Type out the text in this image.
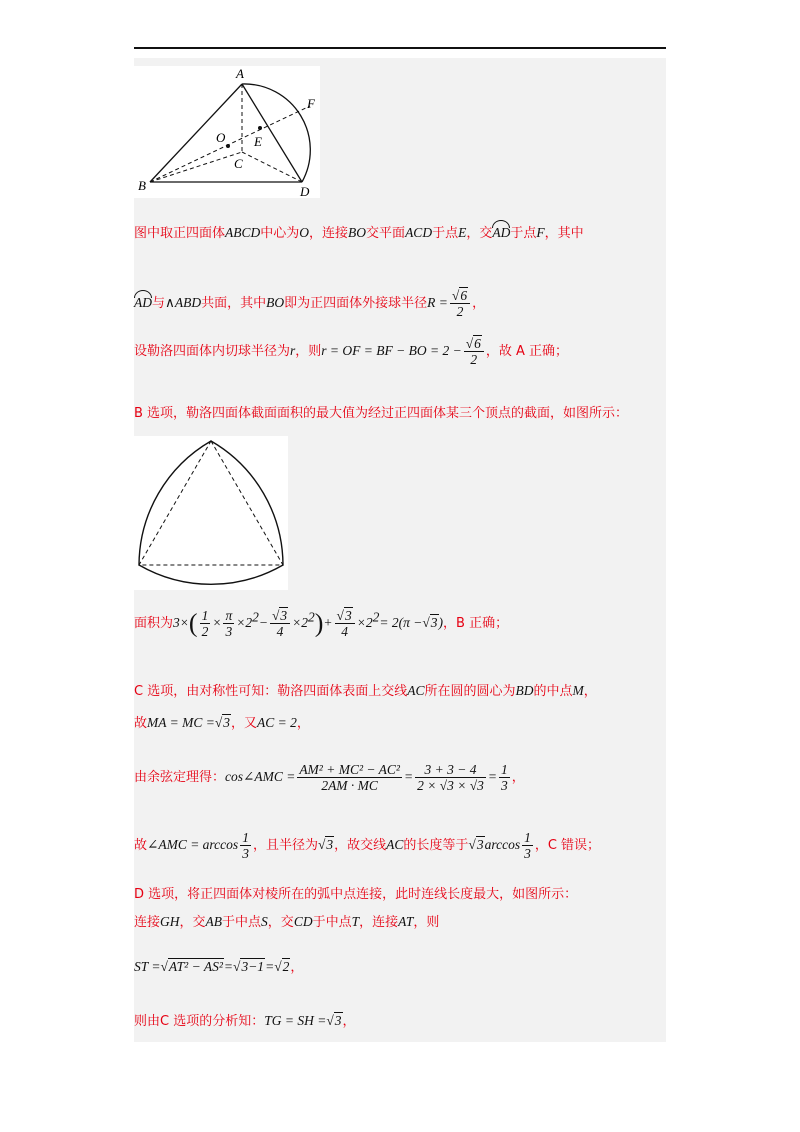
A
B
C
D
E
F
O
图中取正四面体ABCD中心为O，连接BO交平面ACD于点E，交AD于点F，其中
AD与∧ABD共面，其中BO即为正四面体外接球半径$R = \frac{√6}{2}$ ，
设勒洛四面体内切球半径为r，则r = OF = BF − BO = $2 - \frac{√6}{2}$ ，故 A 正确；
B 选项，勒洛四面体截面面积的最大值为经过正四面体某三个顶点的截面，如图所示：
面积为$3\times( \frac{1}{2} \times \frac{\pi}{3} \times 2^2- \frac{√3}{4} \times 2^2)+ \frac{√3}{4} \times 2^2= 2(\pi -√3)$，B 正确；
C 选项，由对称性可知：勒洛四面体表面上交线AC所在圆的圆心为BD的中点M，
故MA = MC =√3，又AC = 2，
由余弦定理得：cos∠AMC = $\frac{\text{AM² + MC² − AC²}}{2AM \cdot MC} = \frac{3 + 3 - 4}{2 \times √3 \times √3} = \frac{1}{3}$ ，
故∠AMC = $\arccos \frac{1}{3}$ ，且半径为√3，故交线AC的长度等于$√3\arccos \frac{1}{3}$ ，C 错误；
D 选项，将正四面体对棱所在的弧中点连接，此时连线长度最大，如图所示：
连接GH，交AB于中点S，交CD于中点T，连接AT，则
ST =√AT² − AS²=√3−1=√2，
则由C 选项的分析知：TG = SH =√3，
